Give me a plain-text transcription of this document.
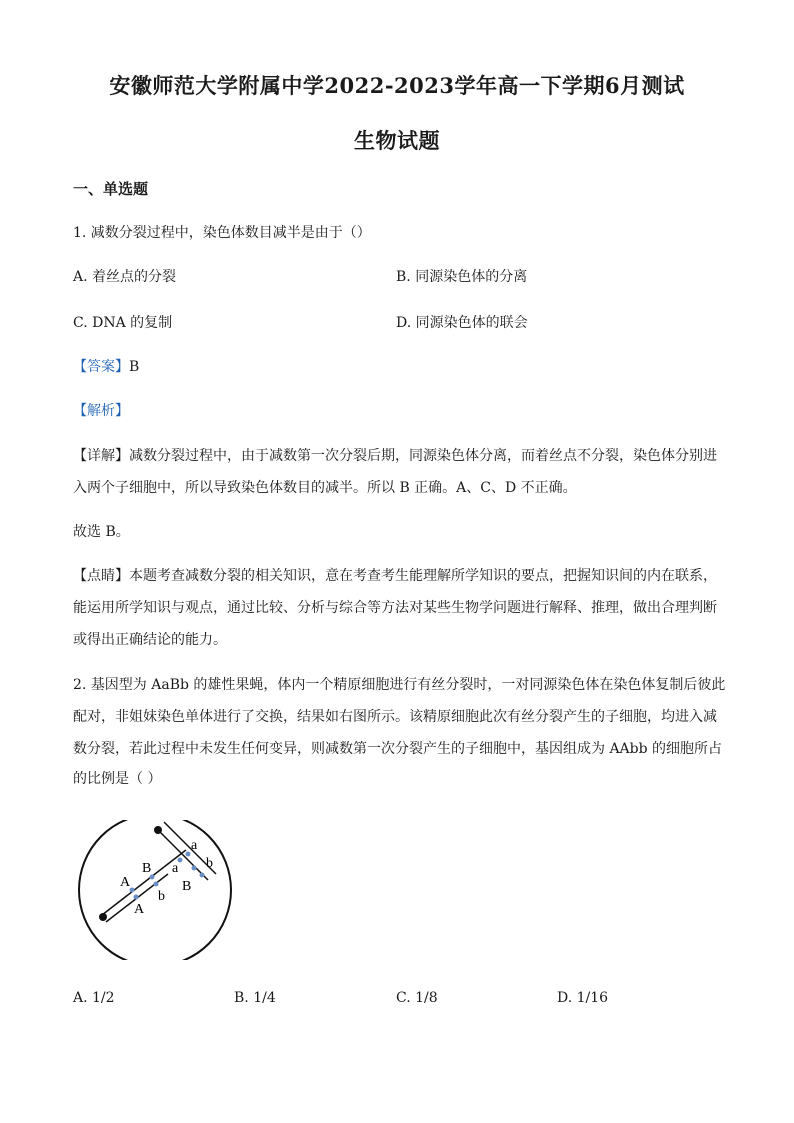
安徽师范大学附属中学2022-2023学年高一下学期6月测试
生物试题
一、单选题
1. 减数分裂过程中，染色体数目减半是由于（）
A. 着丝点的分裂	B. 同源染色体的分离
C. DNA 的复制	D. 同源染色体的联会
【答案】B
【解析】
【详解】减数分裂过程中，由于减数第一次分裂后期，同源染色体分离，而着丝点不分裂，染色体分别进
入两个子细胞中，所以导致染色体数目的减半。所以 B 正确。A、C、D 不正确。
故选 B。
【点睛】本题考查减数分裂的相关知识，意在考查考生能理解所学知识的要点，把握知识间的内在联系，
能运用所学知识与观点，通过比较、分析与综合等方法对某些生物学问题进行解释、推理，做出合理判断
或得出正确结论的能力。
2. 基因型为 AaBb 的雄性果蝇，体内一个精原细胞进行有丝分裂时，一对同源染色体在染色体复制后彼此
配对，非姐妹染色单体进行了交换，结果如右图所示。该精原细胞此次有丝分裂产生的子细胞，均进入减
数分裂，若此过程中未发生任何变异，则减数第一次分裂产生的子细胞中，基因组成为 AAbb 的细胞所占
的比例是（ ）
a
b
a
B
A
B
A
b
A. 1/2	B. 1/4	C. 1/8	D. 1/16
